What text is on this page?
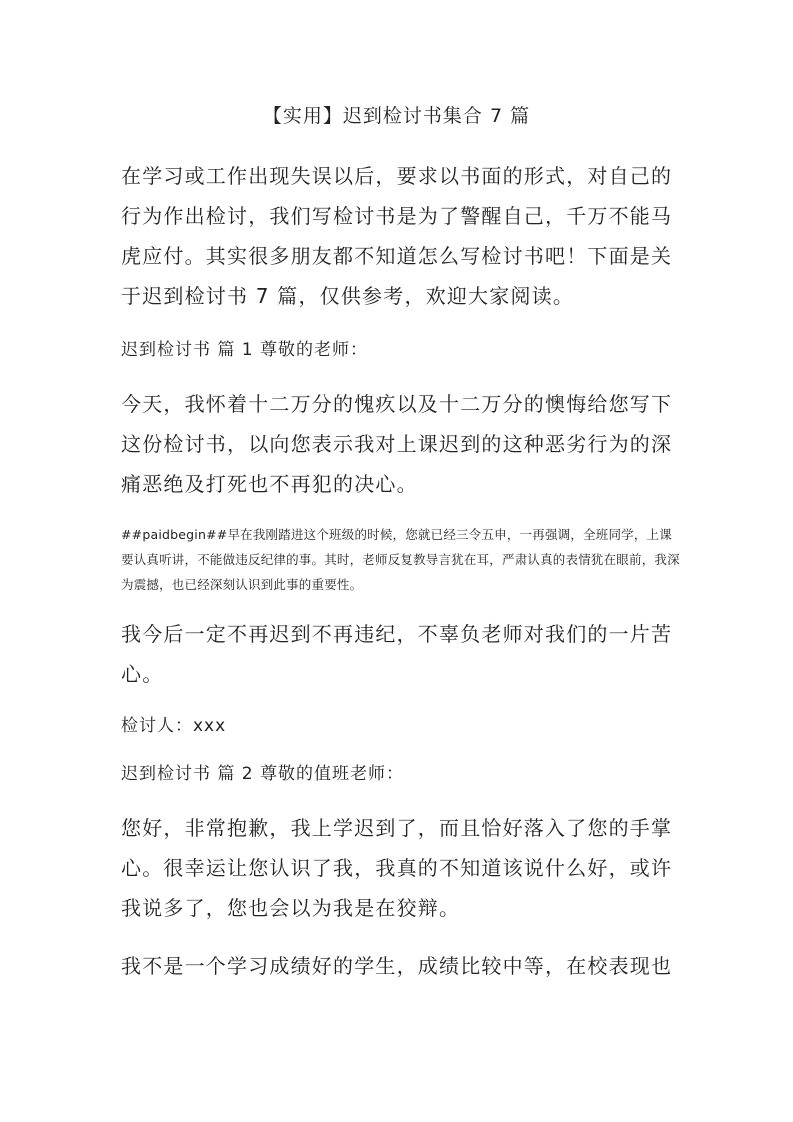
【实用】迟到检讨书集合 7 篇

在学习或工作出现失误以后，要求以书面的形式，对自己的行为作出检讨，我们写检讨书是为了警醒自己，千万不能马虎应付。其实很多朋友都不知道怎么写检讨书吧！下面是关于迟到检讨书 7 篇，仅供参考，欢迎大家阅读。

迟到检讨书 篇 1 尊敬的老师：

今天，我怀着十二万分的愧疚以及十二万分的懊悔给您写下这份检讨书，以向您表示我对上课迟到的这种恶劣行为的深痛恶绝及打死也不再犯的决心。

##paidbegin##早在我刚踏进这个班级的时候，您就已经三令五申，一再强调，全班同学，上课要认真听讲，不能做违反纪律的事。其时，老师反复教导言犹在耳，严肃认真的表情犹在眼前，我深为震撼，也已经深刻认识到此事的重要性。

我今后一定不再迟到不再违纪，不辜负老师对我们的一片苦心。

检讨人：xxx

迟到检讨书 篇 2 尊敬的值班老师：

您好，非常抱歉，我上学迟到了，而且恰好落入了您的手掌心。很幸运让您认识了我，我真的不知道该说什么好，或许我说多了，您也会以为我是在狡辩。

我不是一个学习成绩好的学生，成绩比较中等，在校表现也
